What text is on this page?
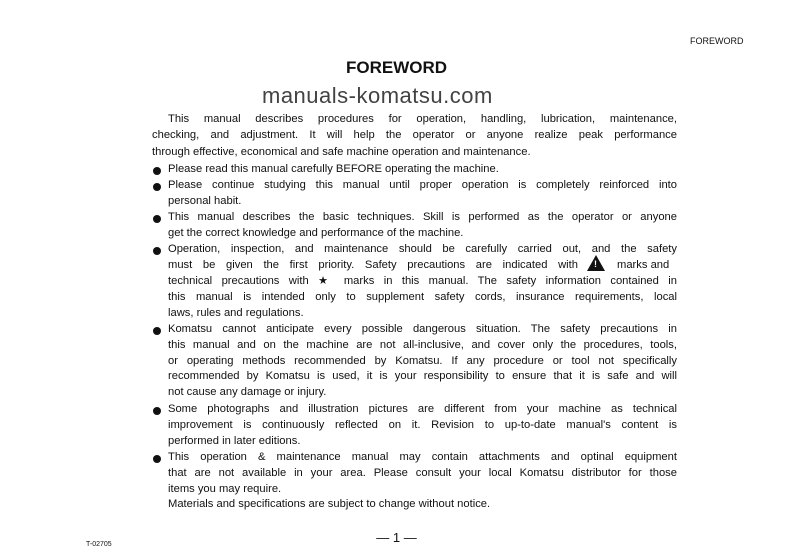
FOREWORD
FOREWORD
manuals-komatsu.com
This manual describes procedures for operation, handling, lubrication, maintenance,
checking, and adjustment. It will help the operator or anyone realize peak performance
through effective, economical and safe machine operation and maintenance.
Please read this manual carefully BEFORE operating the machine.
Please continue studying this manual until proper operation is completely reinforced into
personal habit.
This manual describes the basic techniques. Skill is performed as the operator or anyone
get the correct knowledge and performance of the machine.
Operation, inspection, and maintenance should be carefully carried out, and the safety
must be given the first priority. Safety precautions are indicated with ! marks and
technical precautions with ★ marks in this manual. The safety information contained in
this manual is intended only to supplement safety cords, insurance requirements, local
laws, rules and regulations.
Komatsu cannot anticipate every possible dangerous situation. The safety precautions in
this manual and on the machine are not all-inclusive, and cover only the procedures, tools,
or operating methods recommended by Komatsu. If any procedure or tool not specifically
recommended by Komatsu is used, it is your responsibility to ensure that it is safe and will
not cause any damage or injury.
Some photographs and illustration pictures are different from your machine as technical
improvement is continuously reflected on it. Revision to up-to-date manual's content is
performed in later editions.
This operation & maintenance manual may contain attachments and optinal equipment
that are not available in your area. Please consult your local Komatsu distributor for those
items you may require.
Materials and specifications are subject to change without notice.
T-02705	— 1 —
